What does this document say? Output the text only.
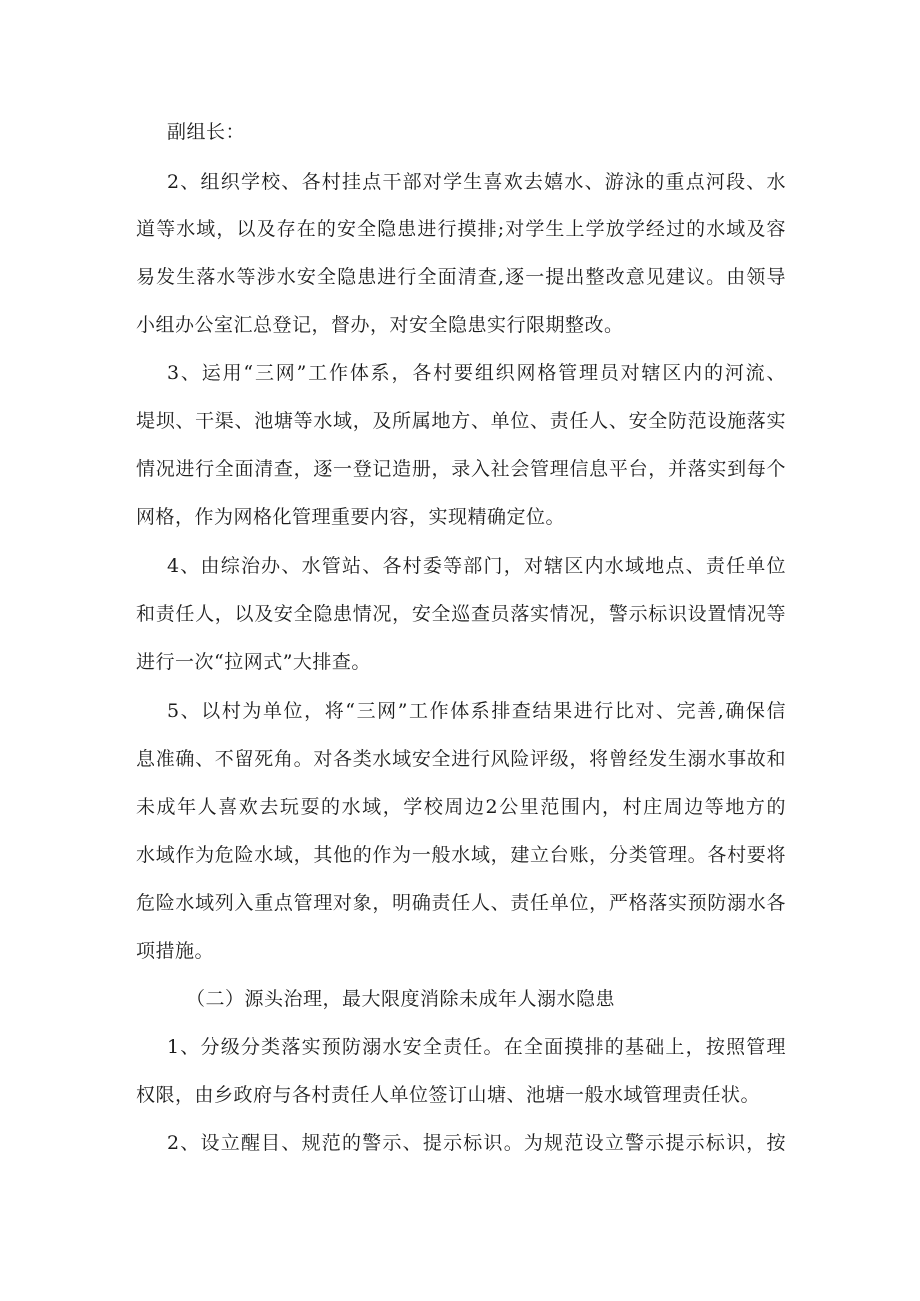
副组长：
2、组织学校、各村挂点干部对学生喜欢去嬉水、游泳的重点河段、水
道等水域，以及存在的安全隐患进行摸排;对学生上学放学经过的水域及容
易发生落水等涉水安全隐患进行全面清查,逐一提出整改意见建议。由领导
小组办公室汇总登记，督办，对安全隐患实行限期整改。
3、运用“三网”工作体系，各村要组织网格管理员对辖区内的河流、
堤坝、干渠、池塘等水域，及所属地方、单位、责任人、安全防范设施落实
情况进行全面清查，逐一登记造册，录入社会管理信息平台，并落实到每个
网格，作为网格化管理重要内容，实现精确定位。
4、由综治办、水管站、各村委等部门，对辖区内水域地点、责任单位
和责任人，以及安全隐患情况，安全巡查员落实情况，警示标识设置情况等
进行一次“拉网式”大排查。
5、以村为单位，将“三网”工作体系排查结果进行比对、完善,确保信
息准确、不留死角。对各类水域安全进行风险评级，将曾经发生溺水事故和
未成年人喜欢去玩耍的水域，学校周边2公里范围内，村庄周边等地方的
水域作为危险水域，其他的作为一般水域，建立台账，分类管理。各村要将
危险水域列入重点管理对象，明确责任人、责任单位，严格落实预防溺水各
项措施。
（二）源头治理，最大限度消除未成年人溺水隐患
1、分级分类落实预防溺水安全责任。在全面摸排的基础上，按照管理
权限，由乡政府与各村责任人单位签订山塘、池塘一般水域管理责任状。
2、设立醒目、规范的警示、提示标识。为规范设立警示提示标识，按
